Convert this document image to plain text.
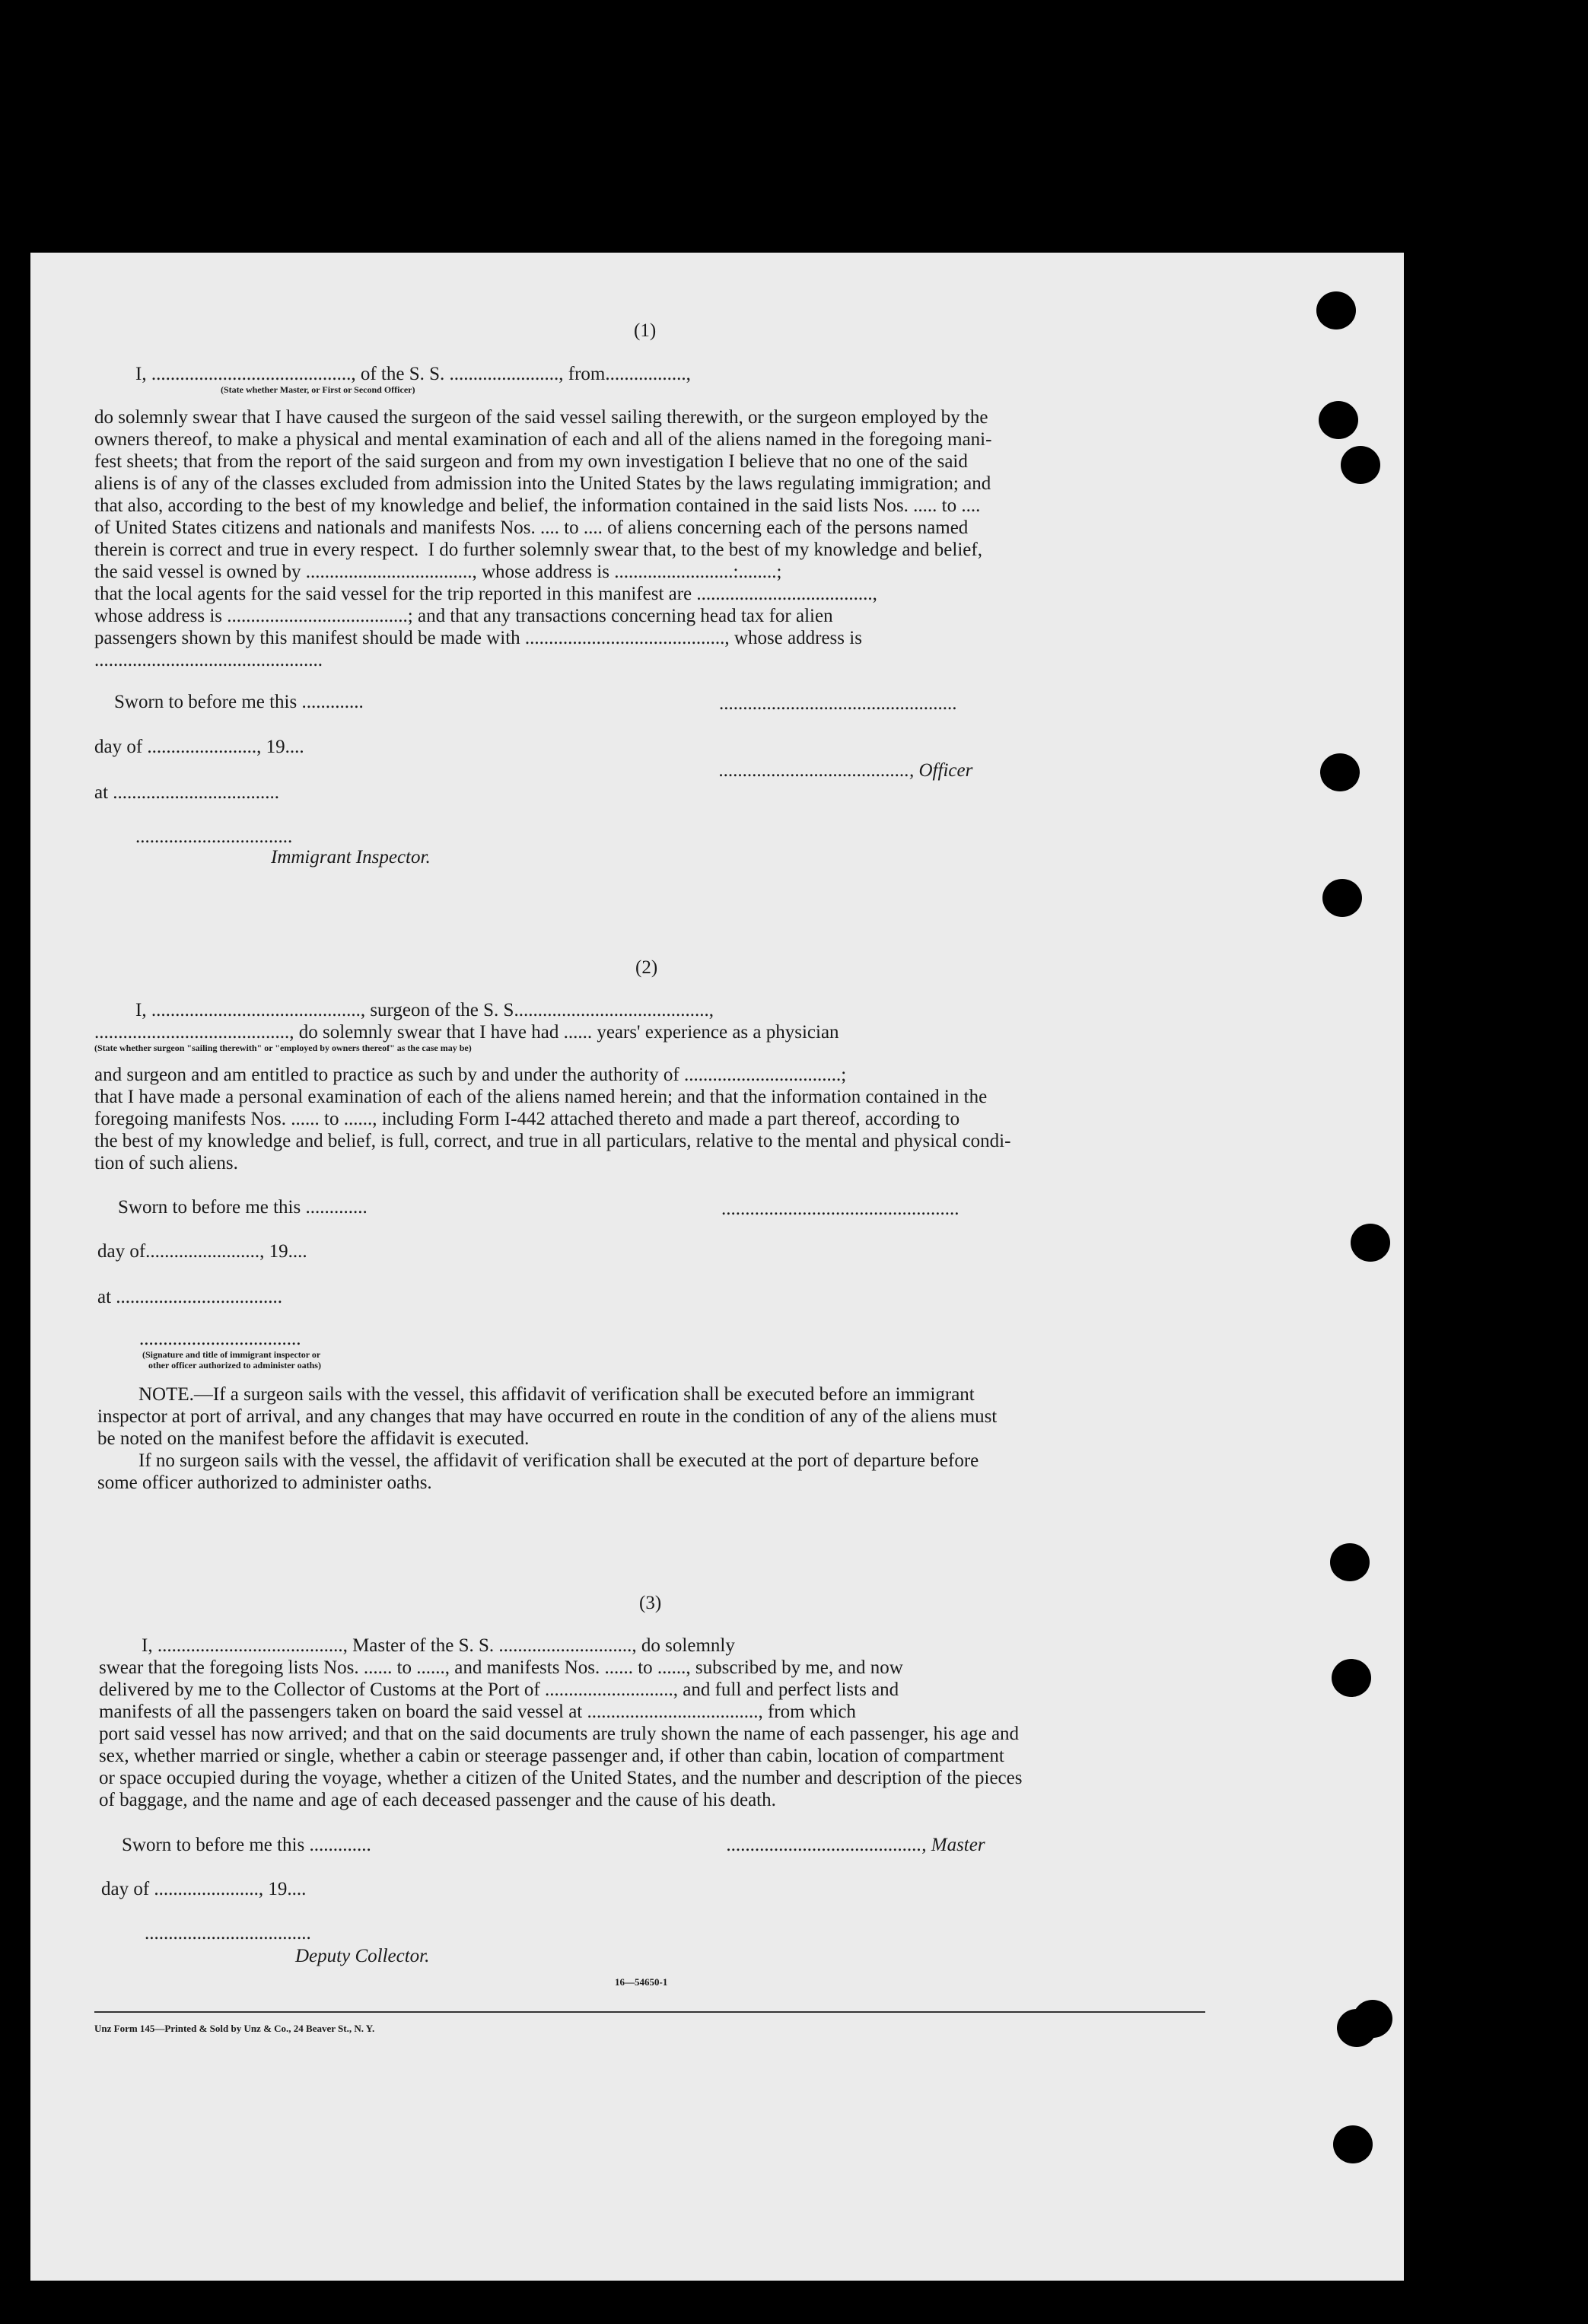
(1)
I, .........................................., of the S. S. ......................., from.................,
(State whether Master, or First or Second Officer)
do solemnly swear that I have caused the surgeon of the said vessel sailing therewith, or the surgeon employed by the
owners thereof, to make a physical and mental examination of each and all of the aliens named in the foregoing mani-
fest sheets; that from the report of the said surgeon and from my own investigation I believe that no one of the said
aliens is of any of the classes excluded from admission into the United States by the laws regulating immigration; and
that also, according to the best of my knowledge and belief, the information contained in the said lists Nos. ..... to ....
of United States citizens and nationals and manifests Nos. .... to .... of aliens concerning each of the persons named
therein is correct and true in every respect.  I do further solemnly swear that, to the best of my knowledge and belief,
the said vessel is owned by ..................................., whose address is .........................:........;
that the local agents for the said vessel for the trip reported in this manifest are .....................................,
whose address is ......................................; and that any transactions concerning head tax for alien
passengers shown by this manifest should be made with .........................................., whose address is
................................................
Sworn to before me this .............	..................................................
day of ......................., 19....
........................................, Officer
at ...................................
.................................
Immigrant Inspector.
(2)
I, ............................................, surgeon of the S. S.........................................,
........................................., do solemnly swear that I have had ...... years' experience as a physician
(State whether surgeon "sailing therewith" or "employed by owners thereof" as the case may be)
and surgeon and am entitled to practice as such by and under the authority of .................................;
that I have made a personal examination of each of the aliens named herein; and that the information contained in the
foregoing manifests Nos. ...... to ......, including Form I-442 attached thereto and made a part thereof, according to
the best of my knowledge and belief, is full, correct, and true in all particulars, relative to the mental and physical condi-
tion of such aliens.
Sworn to before me this .............	..................................................
day of........................, 19....
at ...................................
..................................
(Signature and title of immigrant inspector or
other officer authorized to administer oaths)
NOTE.—If a surgeon sails with the vessel, this affidavit of verification shall be executed before an immigrant
inspector at port of arrival, and any changes that may have occurred en route in the condition of any of the aliens must
be noted on the manifest before the affidavit is executed.
If no surgeon sails with the vessel, the affidavit of verification shall be executed at the port of departure before
some officer authorized to administer oaths.
(3)
I, ......................................., Master of the S. S. ............................, do solemnly
swear that the foregoing lists Nos. ...... to ......, and manifests Nos. ...... to ......, subscribed by me, and now
delivered by me to the Collector of Customs at the Port of ..........................., and full and perfect lists and
manifests of all the passengers taken on board the said vessel at ...................................., from which
port said vessel has now arrived; and that on the said documents are truly shown the name of each passenger, his age and
sex, whether married or single, whether a cabin or steerage passenger and, if other than cabin, location of compartment
or space occupied during the voyage, whether a citizen of the United States, and the number and description of the pieces
of baggage, and the name and age of each deceased passenger and the cause of his death.
Sworn to before me this .............	........................................., Master
day of ......................, 19....
...................................
Deputy Collector.
16—54650-1
Unz Form 145—Printed & Sold by Unz & Co., 24 Beaver St., N. Y.
